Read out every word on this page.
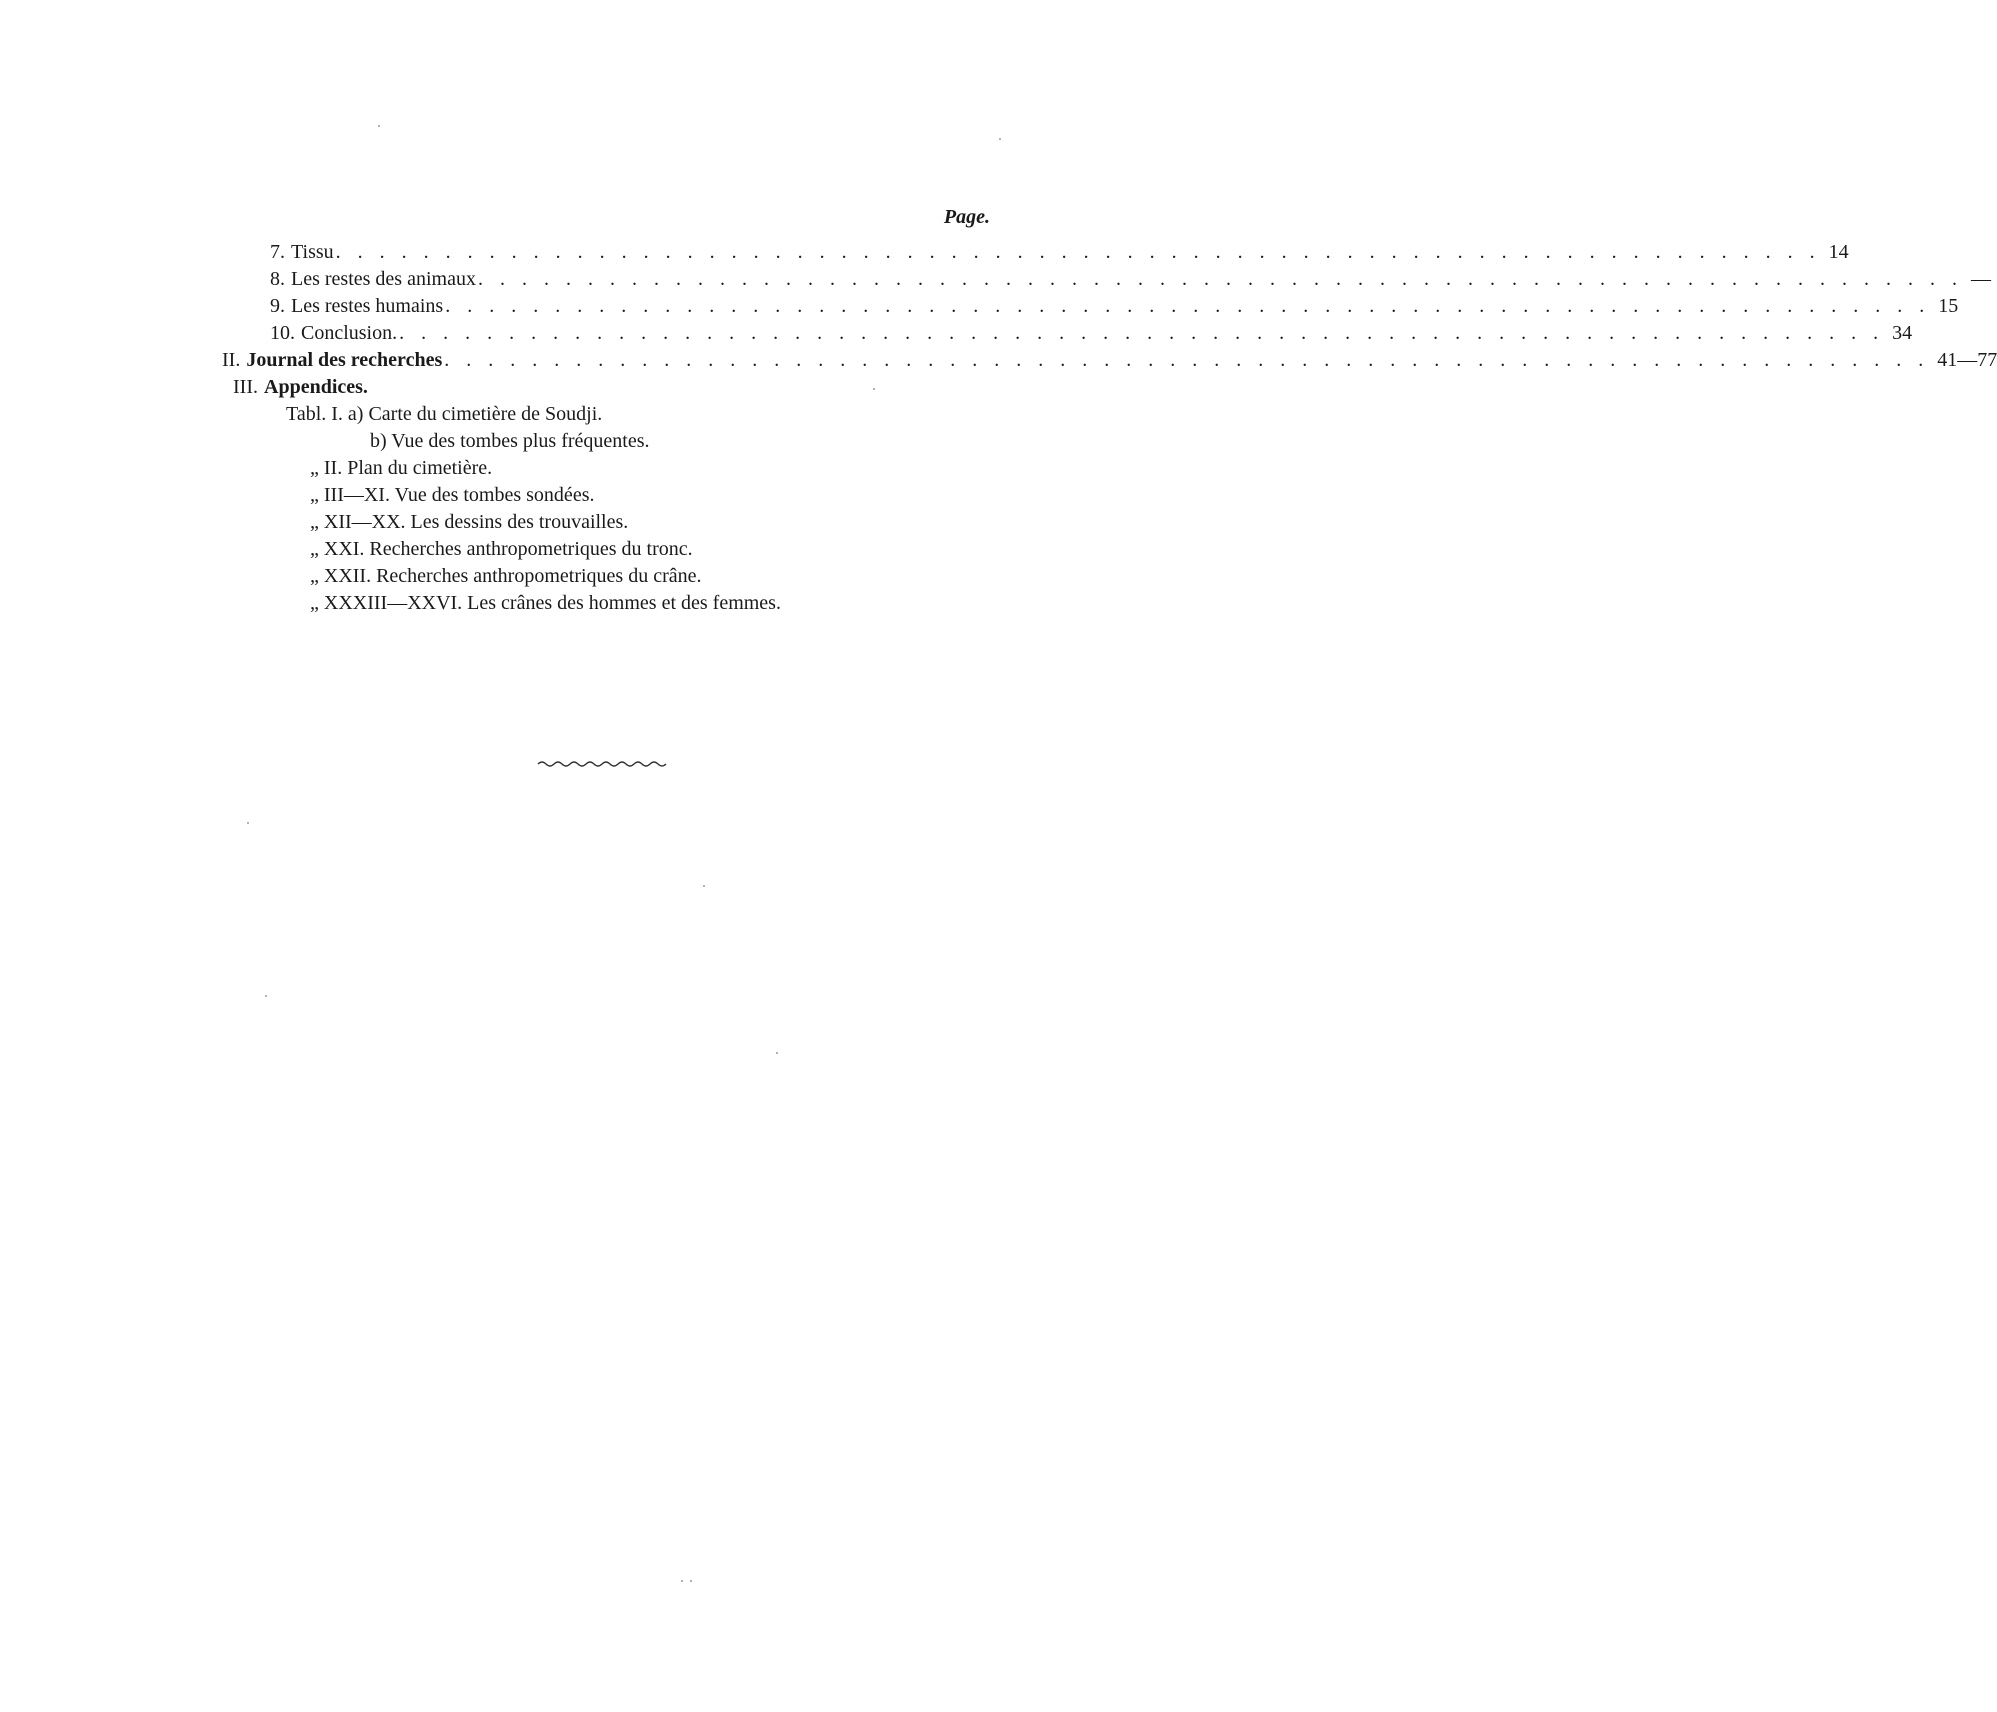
Page.
7. Tissu . . . . . . . . . . . . . . . . . . . . . . . . . . . . . . . . . . . . . . . . . . . . . . . . . . . . . . . . . . . . . . . . . . . . 14
8. Les restes des animaux . . . . . . . . . . . . . . . . . . . . . . . . . . . . . . . . . . . . . . . . . . . . . . . . . . . . . . . . . . . . . . . . . . . . —
9. Les restes humains . . . . . . . . . . . . . . . . . . . . . . . . . . . . . . . . . . . . . . . . . . . . . . . . . . . . . . . . . . . . . . . . . . . . 15
10. Conclusion. . . . . . . . . . . . . . . . . . . . . . . . . . . . . . . . . . . . . . . . . . . . . . . . . . . . . . . . . . . . . . . . . . . . . 34
II. Journal des recherches . . . . . . . . . . . . . . . . . . . . . . . . . . . . . . . . . . . . . . . . . . . . . . . . . . . . . . . . . . . . . . . . . . . . 41—77
III. Appendices.
Tabl. I. a) Carte du cimetière de Soudji.
b) Vue des tombes plus fréquentes.
„ II. Plan du cimetière.
„ III—XI. Vue des tombes sondées.
„ XII—XX. Les dessins des trouvailles.
„ XXI. Recherches anthropometriques du tronc.
„ XXII. Recherches anthropometriques du crâne.
„ XXXIII—XXVI. Les crânes des hommes et des femmes.
